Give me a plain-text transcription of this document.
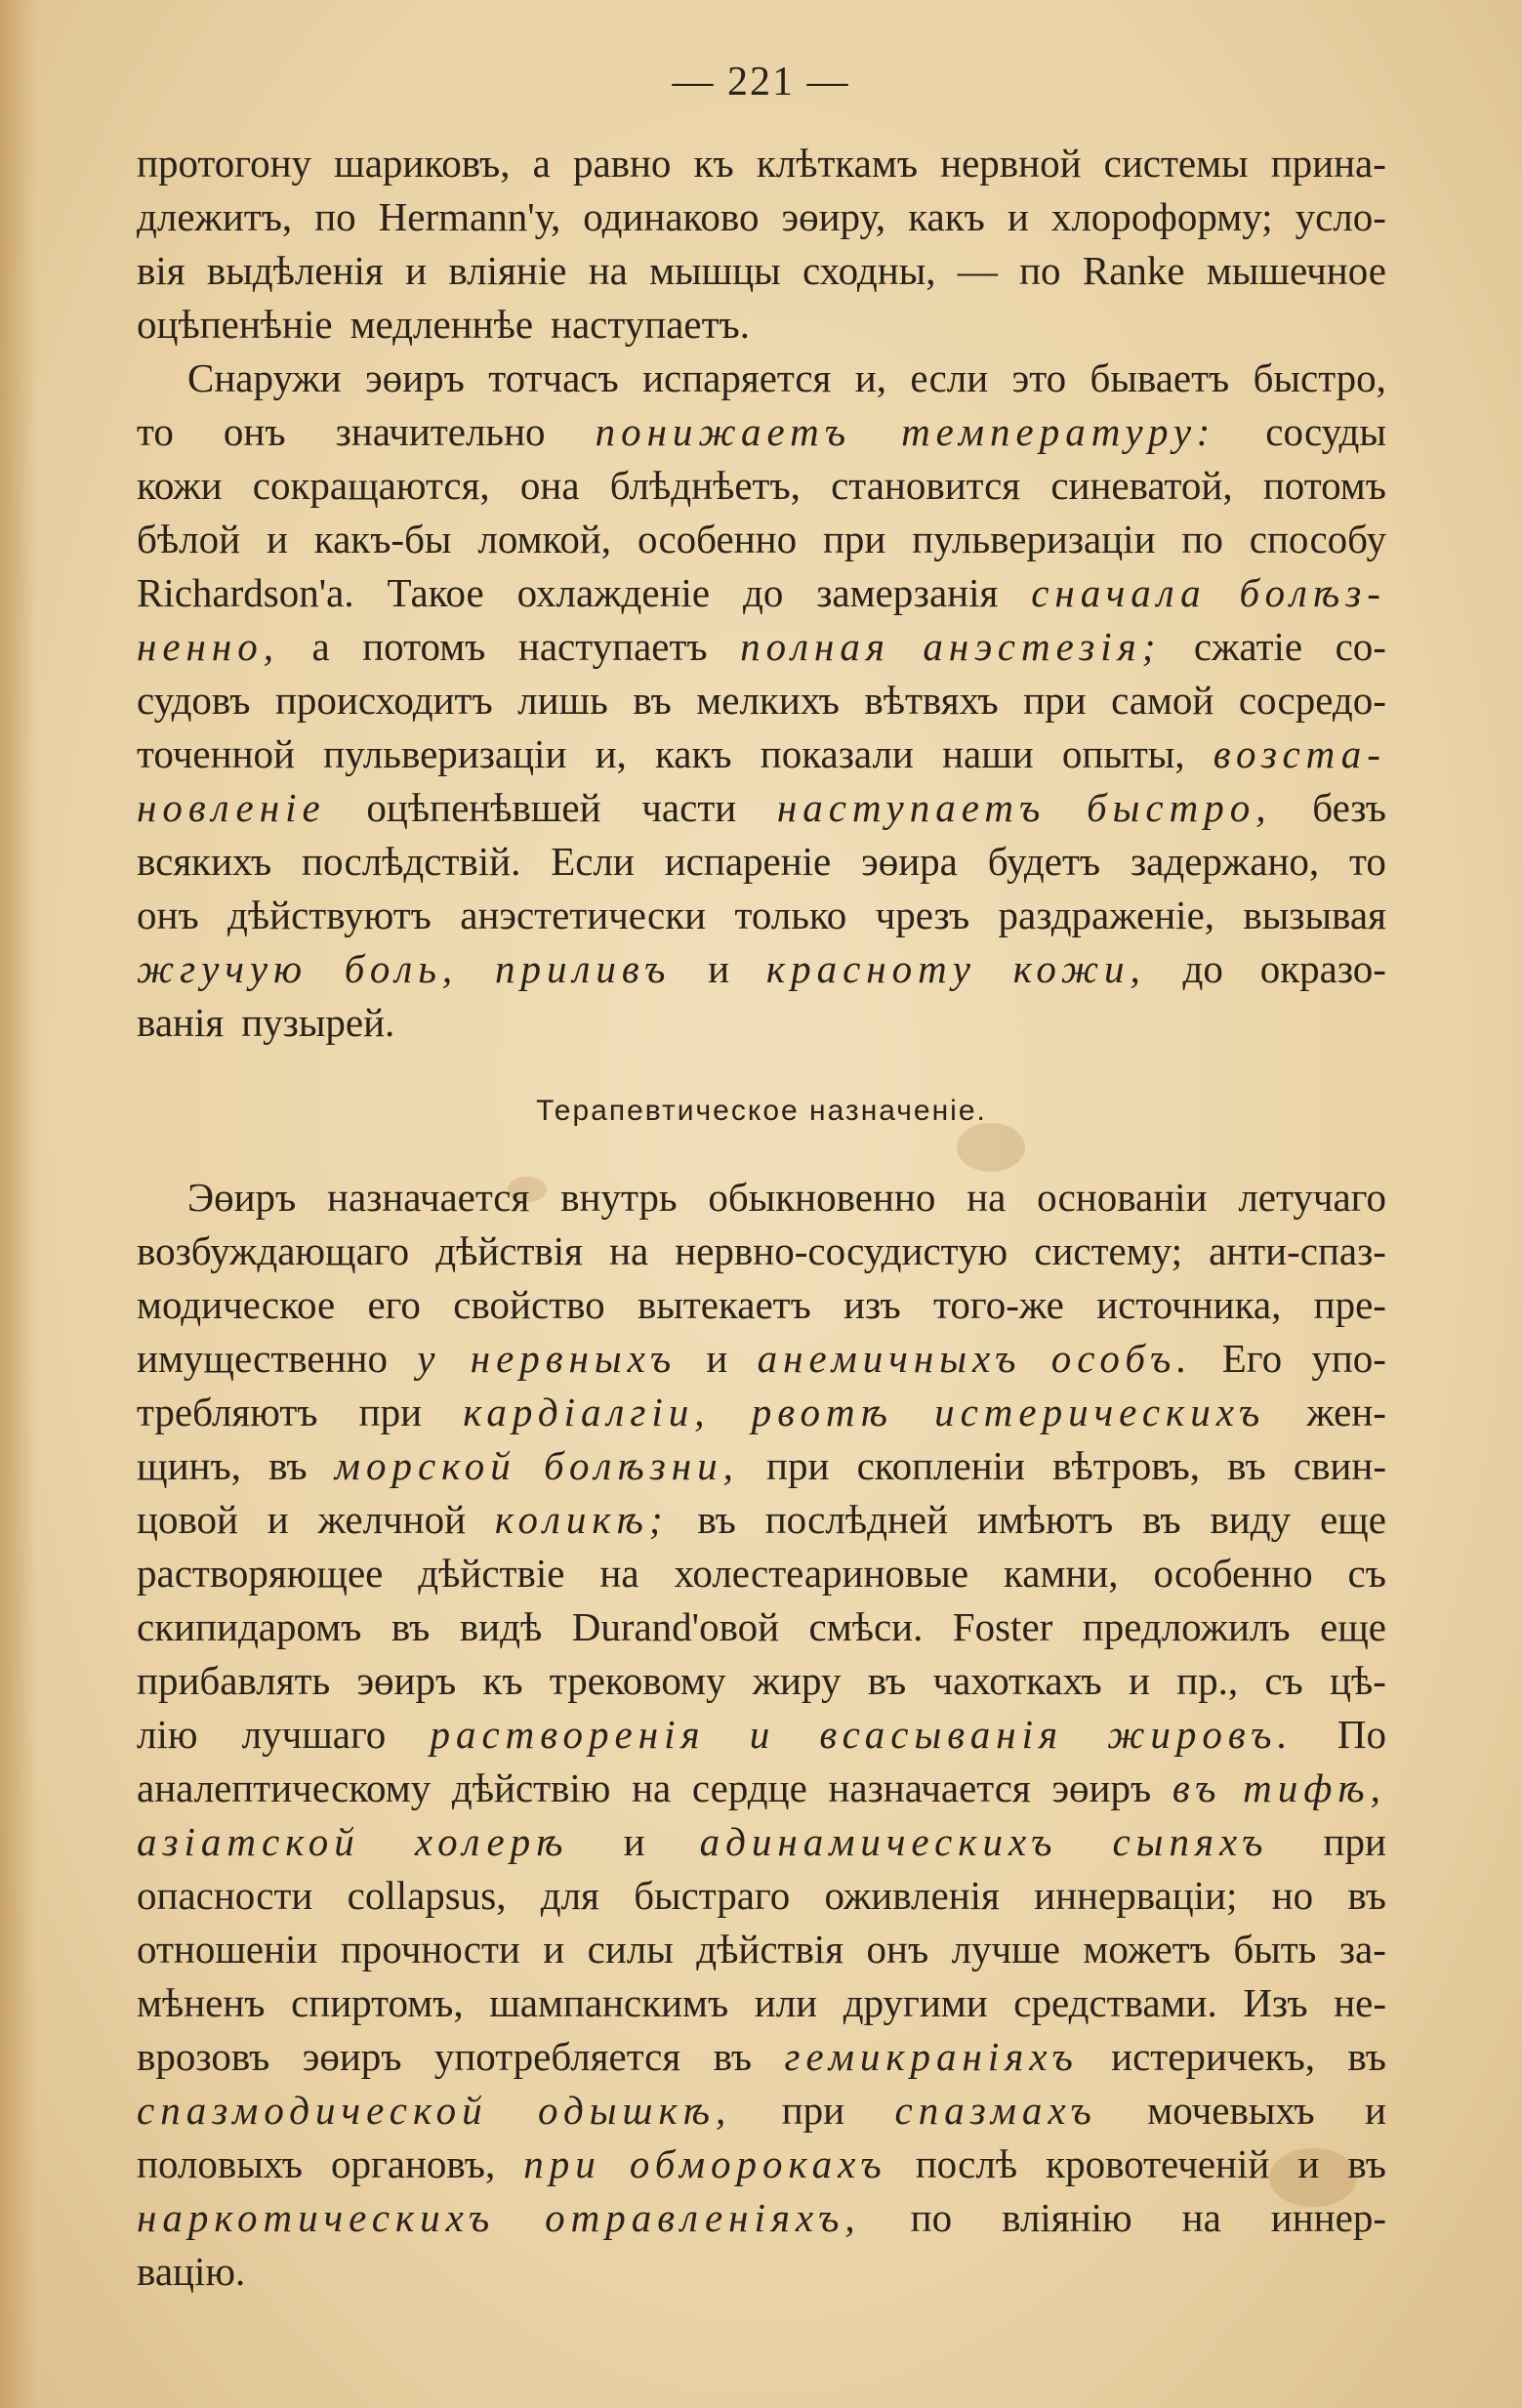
— 221 —
протогону шариковъ, а равно къ клѣткамъ нервной системы прина-
длежитъ, по Hermann'у, одинаково эөиру, какъ и хлороформу; усло-
вія выдѣленія и вліяніе на мышцы сходны, — по Ranke мышечное
оцѣпенѣніе медленнѣе наступаетъ.
Снаружи эөиръ тотчасъ испаряется и, если это бываетъ быстро,
то онъ значительно понижаетъ температуру: сосуды
кожи сокращаются, она блѣднѣетъ, становится синеватой, потомъ
бѣлой и какъ-бы ломкой, особенно при пульверизаціи по способу
Richardson'a. Такое охлажденіе до замерзанія сначала болѣз-
ненно, а потомъ наступаетъ полная анэстезія; сжатіе со-
судовъ происходитъ лишь въ мелкихъ вѣтвяхъ при самой сосредо-
точенной пульверизаціи и, какъ показали наши опыты, возста-
новленіе оцѣпенѣвшей части наступаетъ быстро, безъ
всякихъ послѣдствій. Если испареніе эөира будетъ задержано, то
онъ дѣйствуютъ анэстетически только чрезъ раздраженіе, вызывая
жгучую боль, приливъ и краснотy кожи, до окразо-
ванія пузырей.
Терапевтическое назначеніе.
Эөиръ назначается внутрь обыкновенно на основаніи летучаго
возбуждающаго дѣйствія на нервно-сосудистую систему; анти-спаз-
модическое его свойство вытекаетъ изъ того-же источника, пре-
имущественно у нервныхъ и анемичныхъ особъ. Его упо-
требляютъ при кардіалгіи, рвотѣ истерическихъ жен-
щинъ, въ морской болѣзни, при скопленіи вѣтровъ, въ свин-
цовой и желчной коликѣ; въ послѣдней имѣютъ въ виду еще
растворяющее дѣйствіе на холестеариновые камни, особенно съ
скипидаромъ въ видѣ Durand'овой смѣси. Foster предложилъ еще
прибавлять эөиръ къ трековому жиру въ чахоткахъ и пр., съ цѣ-
лію лучшаго растворенія и всасыванія жировъ. По
аналептическому дѣйствію на сердце назначается эөиръ въ тифѣ,
азіатской холерѣ и адинамическихъ сыпяхъ при
опасности collapsus, для быстраго оживленія иннерваціи; но въ
отношеніи прочности и силы дѣйствія онъ лучше можетъ быть за-
мѣненъ спиртомъ, шампанскимъ или другими средствами. Изъ не-
врозовъ эөиръ употребляется въ гемикраніяхъ истеричекъ, въ
спазмодической одышкѣ, при спазмахъ мочевыхъ и
половыхъ органовъ, при обморокахъ послѣ кровотеченій и въ
наркотическихъ отравленіяхъ, по вліянію на иннер-
вацію.
